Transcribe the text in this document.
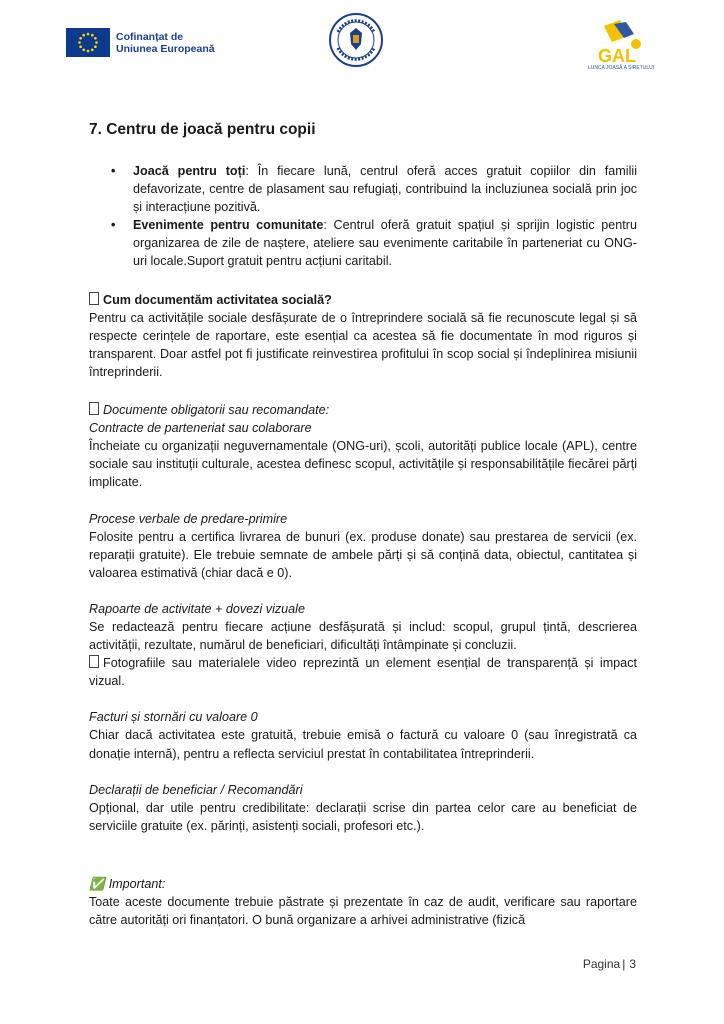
Cofinanțat de
Uniunea Europeană	GAL
LUNCA JOASĂ A SIRETULUI
7. Centru de joacă pentru copii
• Joacă pentru toți: În fiecare lună, centrul oferă acces gratuit copiilor din familii defavorizate, centre de plasament sau refugiați, contribuind la incluziunea socială prin joc și interacțiune pozitivă.
• Evenimente pentru comunitate: Centrul oferă gratuit spațiul și sprijin logistic pentru organizarea de zile de naștere, ateliere sau evenimente caritabile în parteneriat cu ONG-uri locale.Suport gratuit pentru acțiuni caritabil.

Cum documentăm activitatea socială?

Pentru ca activitățile sociale desfășurate de o întreprindere socială să fie recunoscute legal și să respecte cerințele de raportare, este esențial ca acestea să fie documentate în mod riguros și transparent. Doar astfel pot fi justificate reinvestirea profitului în scop social și îndeplinirea misiunii întreprinderii.

Documente obligatorii sau recomandate:

Contracte de parteneriat sau colaborare

Încheiate cu organizații neguvernamentale (ONG-uri), școli, autorități publice locale (APL), centre sociale sau instituții culturale, acestea definesc scopul, activitățile și responsabilitățile fiecărei părți implicate.

Procese verbale de predare-primire

Folosite pentru a certifica livrarea de bunuri (ex. produse donate) sau prestarea de servicii (ex. reparații gratuite). Ele trebuie semnate de ambele părți și să conțină data, obiectul, cantitatea și valoarea estimativă (chiar dacă e 0).

Rapoarte de activitate + dovezi vizuale

Se redactează pentru fiecare acțiune desfășurată și includ: scopul, grupul țintă, descrierea activității, rezultate, numărul de beneficiari, dificultăți întâmpinate și concluzii.

Fotografiile sau materialele video reprezintă un element esențial de transparență și impact vizual.

Facturi și stornări cu valoare 0

Chiar dacă activitatea este gratuită, trebuie emisă o factură cu valoare 0 (sau înregistrată ca donație internă), pentru a reflecta serviciul prestat în contabilitatea întreprinderii.

Declarații de beneficiar / Recomandări

Opțional, dar utile pentru credibilitate: declarații scrise din partea celor care au beneficiat de serviciile gratuite (ex. părinți, asistenți sociali, profesori etc.).

✅ Important:

Toate aceste documente trebuie păstrate și prezentate în caz de audit, verificare sau raportare către autorități ori finanțatori. O bună organizare a arhivei administrative (fizică

Pagina | 3
